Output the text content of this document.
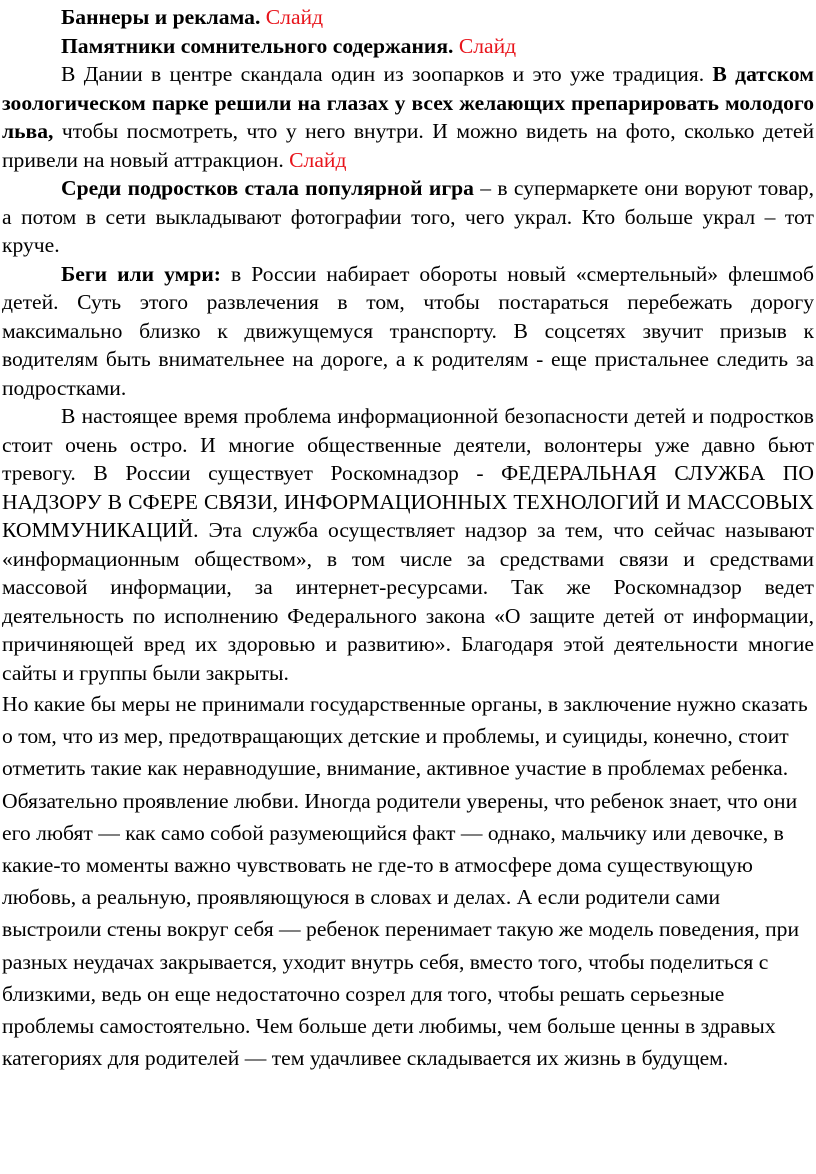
Баннеры и реклама. Слайд

Памятники сомнительного содержания. Слайд

В Дании в центре скандала один из зоопарков и это уже традиция. В датском зоологическом парке решили на глазах у всех желающих препарировать молодого льва, чтобы посмотреть, что у него внутри. И можно видеть на фото, сколько детей привели на новый аттракцион. Слайд

Среди подростков стала популярной игра – в супермаркете они воруют товар, а потом в сети выкладывают фотографии того, чего украл. Кто больше украл – тот круче.

Беги или умри: в России набирает обороты новый «смертельный» флешмоб детей. Суть этого развлечения в том, чтобы постараться перебежать дорогу максимально близко к движущемуся транспорту. В соцсетях звучит призыв к водителям быть внимательнее на дороге, а к родителям - еще пристальнее следить за подростками.

В настоящее время проблема информационной безопасности детей и подростков стоит очень остро. И многие общественные деятели, волонтеры уже давно бьют тревогу. В России существует Роскомнадзор - ФЕДЕРАЛЬНАЯ СЛУЖБА ПО НАДЗОРУ В СФЕРЕ СВЯЗИ, ИНФОРМАЦИОННЫХ ТЕХНОЛОГИЙ И МАССОВЫХ

КОММУНИКАЦИЙ. Эта служба осуществляет надзор за тем, что сейчас называют «информационным обществом», в том числе за средствами связи и средствами массовой информации, за интернет-ресурсами. Так же Роскомнадзор ведет деятельность по исполнению Федерального закона «О защите детей от информации, причиняющей вред их здоровью и развитию». Благодаря этой деятельности многие сайты и группы были закрыты.

Но какие бы меры не принимали государственные органы, в заключение нужно сказать о том, что из мер, предотвращающих детские и проблемы, и суициды, конечно, стоит отметить такие как неравнодушие, внимание, активное участие в проблемах ребенка. Обязательно проявление любви. Иногда родители уверены, что ребенок знает, что они его любят — как само собой разумеющийся факт — однако, мальчику или девочке, в какие-то моменты важно чувствовать не где-то в атмосфере дома существующую любовь, а реальную, проявляющуюся в словах и делах. А если родители сами выстроили стены вокруг себя — ребенок перенимает такую же модель поведения, при разных неудачах закрывается, уходит внутрь себя, вместо того, чтобы поделиться с близкими, ведь он еще недостаточно созрел для того, чтобы решать серьезные проблемы самостоятельно. Чем больше дети любимы, чем больше ценны в здравых категориях для родителей — тем удачливее складывается их жизнь в будущем.
